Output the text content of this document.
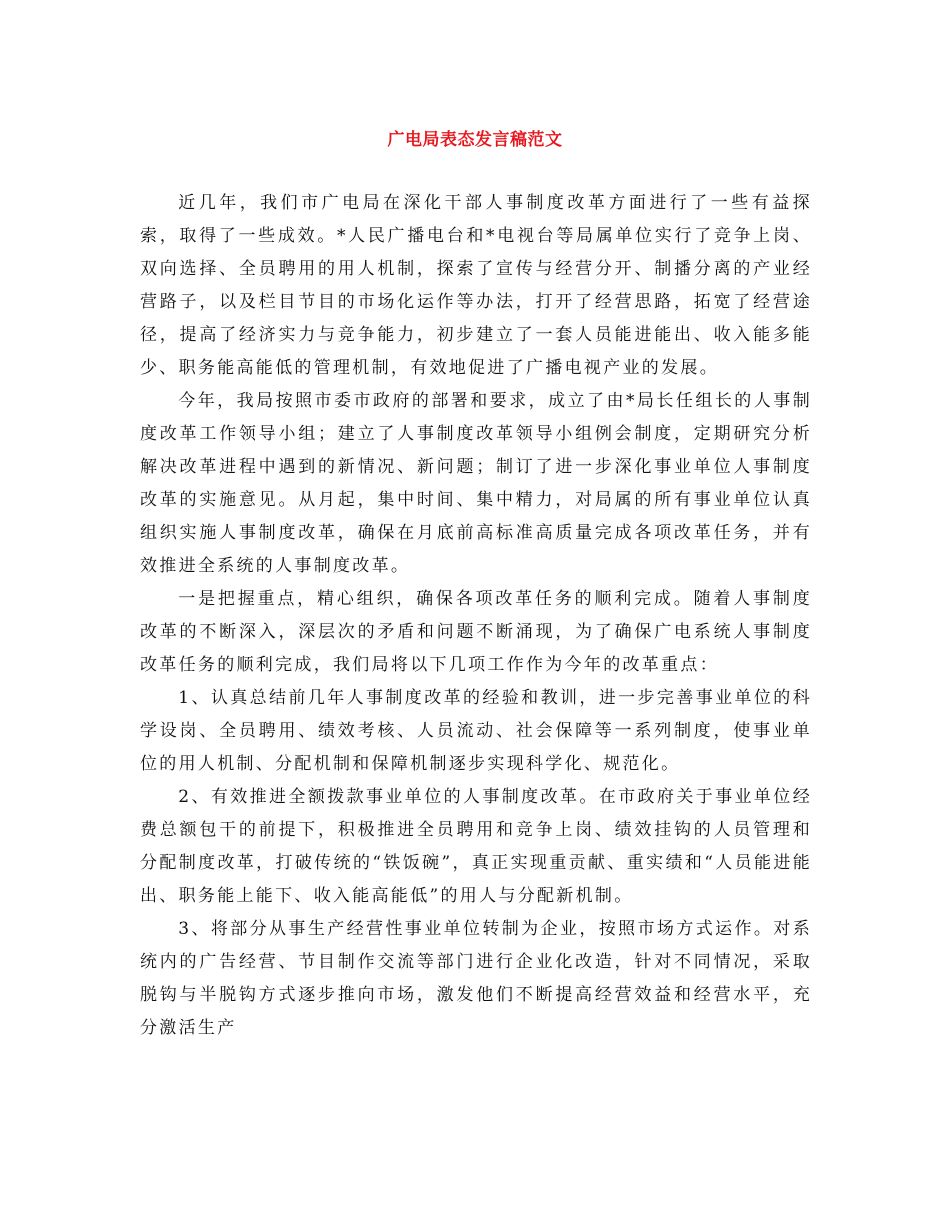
广电局表态发言稿范文

近几年，我们市广电局在深化干部人事制度改革方面进行了一些有益探索，取得了一些成效。*人民广播电台和*电视台等局属单位实行了竞争上岗、双向选择、全员聘用的用人机制，探索了宣传与经营分开、制播分离的产业经营路子，以及栏目节目的市场化运作等办法，打开了经营思路，拓宽了经营途径，提高了经济实力与竞争能力，初步建立了一套人员能进能出、收入能多能少、职务能高能低的管理机制，有效地促进了广播电视产业的发展。

今年，我局按照市委市政府的部署和要求，成立了由*局长任组长的人事制度改革工作领导小组；建立了人事制度改革领导小组例会制度，定期研究分析解决改革进程中遇到的新情况、新问题；制订了进一步深化事业单位人事制度改革的实施意见。从月起，集中时间、集中精力，对局属的所有事业单位认真组织实施人事制度改革，确保在月底前高标准高质量完成各项改革任务，并有效推进全系统的人事制度改革。

一是把握重点，精心组织，确保各项改革任务的顺利完成。随着人事制度改革的不断深入，深层次的矛盾和问题不断涌现，为了确保广电系统人事制度改革任务的顺利完成，我们局将以下几项工作作为今年的改革重点：

1、认真总结前几年人事制度改革的经验和教训，进一步完善事业单位的科学设岗、全员聘用、绩效考核、人员流动、社会保障等一系列制度，使事业单位的用人机制、分配机制和保障机制逐步实现科学化、规范化。

2、有效推进全额拨款事业单位的人事制度改革。在市政府关于事业单位经费总额包干的前提下，积极推进全员聘用和竞争上岗、绩效挂钩的人员管理和分配制度改革，打破传统的“铁饭碗”，真正实现重贡献、重实绩和“人员能进能出、职务能上能下、收入能高能低”的用人与分配新机制。

3、将部分从事生产经营性事业单位转制为企业，按照市场方式运作。对系统内的广告经营、节目制作交流等部门进行企业化改造，针对不同情况，采取脱钩与半脱钩方式逐步推向市场，激发他们不断提高经营效益和经营水平，充分激活生产
